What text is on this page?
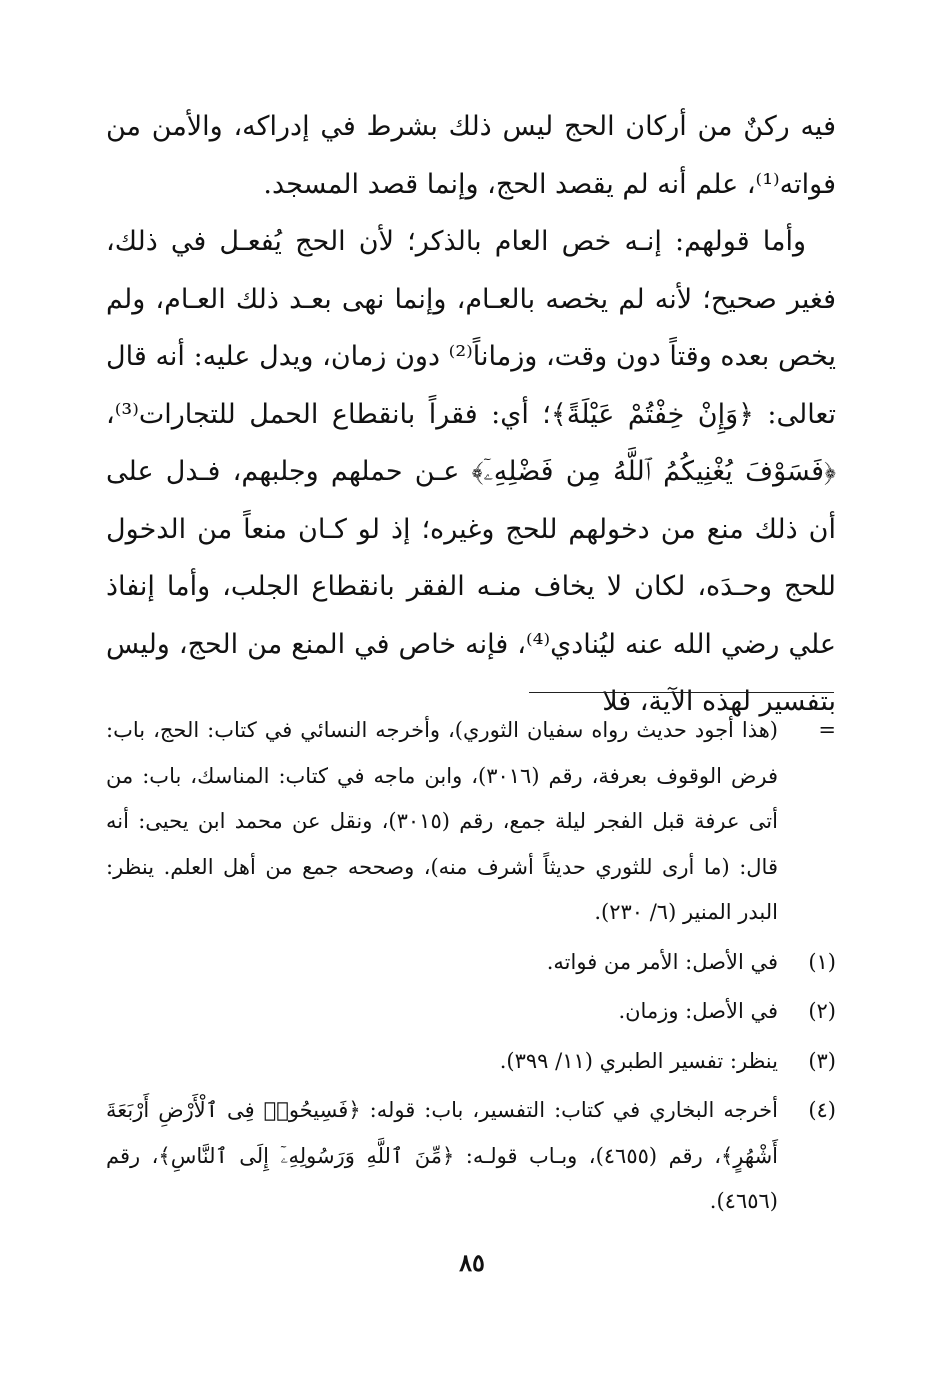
فيه ركنٌ من أركان الحج ليس ذلك بشرط في إدراكه، والأمن من فواته⁽¹⁾، علم أنه لم يقصد الحج، وإنما قصد المسجد.

وأما قولهم: إنـه خص العام بالذكر؛ لأن الحج يُفعـل في ذلك، فغير صحيح؛ لأنه لم يخصه بالعـام، وإنما نهى بعـد ذلك العـام، ولم يخص بعده وقتاً دون وقت، وزماناً⁽²⁾ دون زمان، ويدل عليه: أنه قال تعالى: ﴿وَإِنْ خِفْتُمْ عَيْلَةً﴾؛ أي: فقراً بانقطاع الحمل للتجارات⁽³⁾، ﴿فَسَوْفَ يُغْنِيكُمُ ٱللَّهُ مِن فَضْلِهِۦٓ﴾ عـن حملهم وجلبهم، فـدل على أن ذلك منع من دخولهم للحج وغيره؛ إذ لو كـان منعاً من الدخول للحج وحـدَه، لكان لا يخاف منـه الفقر بانقطاع الجلب، وأما إنفاذ علي رضي الله عنه ليُنادي⁽⁴⁾، فإنه خاص في المنع من الحج، وليس بتفسير لهذه الآية، فلا

=
(هذا أجود حديث رواه سفيان الثوري)، وأخرجه النسائي في كتاب: الحج، باب: فرض الوقوف بعرفة، رقم (٣٠١٦)، وابن ماجه في كتاب: المناسك، باب: من أتى عرفة قبل الفجر ليلة جمع، رقم (٣٠١٥)، ونقل عن محمد ابن يحيى: أنه قال: (ما أرى للثوري حديثاً أشرف منه)، وصححه جمع من أهل العلم. ينظر: البدر المنير (٦/ ٢٣٠).
(١)
في الأصل: الأمر من فواته.
(٢)
في الأصل: وزمان.
(٣)
ينظر: تفسير الطبري (١١/ ٣٩٩).
(٤)
أخرجه البخاري في كتاب: التفسير، باب: قوله: ﴿فَسِيحُوا۟ فِى ٱلْأَرْضِ أَرْبَعَةَ أَشْهُرٍ﴾، رقم (٤٦٥٥)، وبـاب قولـه: ﴿مِّنَ ٱللَّهِ وَرَسُولِهِۦٓ إِلَى ٱلنَّاسِ﴾، رقم (٤٦٥٦).
٨٥
